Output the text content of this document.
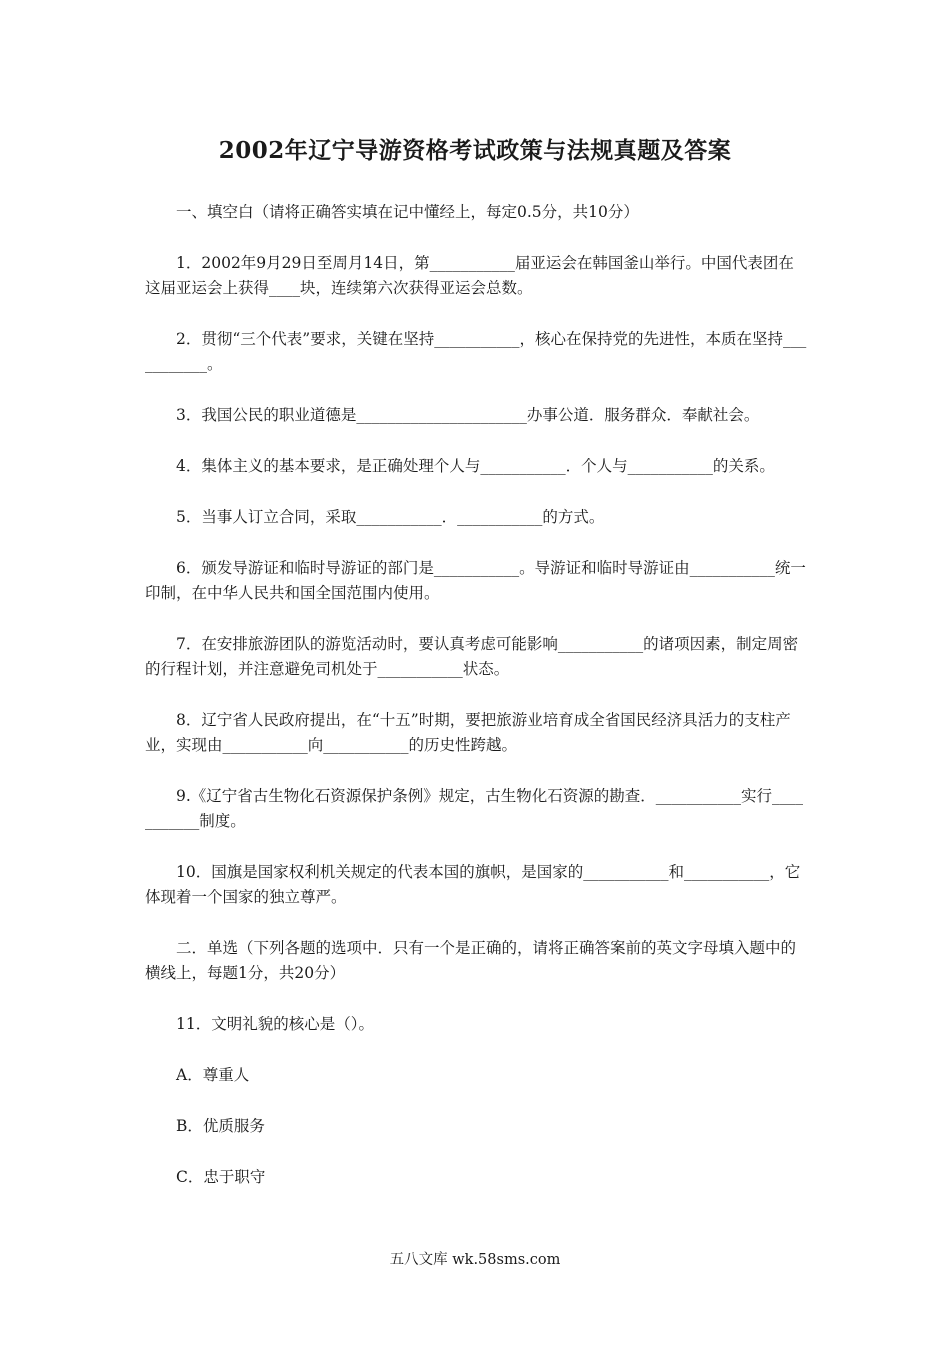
2002年辽宁导游资格考试政策与法规真题及答案

一、填空白（请将正确答实填在记中懂经上，每定0.5分，共10分）

1．2002年9月29日至周月14日，第___________届亚运会在韩国釜山举行。中国代表团在这届亚运会上获得____块，连续第六次获得亚运会总数。

2．贯彻“三个代表”要求，关键在坚持___________，核心在保持党的先进性，本质在坚持___________。

3．我国公民的职业道德是______________________办事公道．服务群众．奉献社会。

4．集体主义的基本要求，是正确处理个人与___________．个人与___________的关系。

5．当事人订立合同，采取___________．___________的方式。

6．颁发导游证和临时导游证的部门是___________。导游证和临时导游证由___________统一印制，在中华人民共和国全国范围内使用。

7．在安排旅游团队的游览活动时，要认真考虑可能影响___________的诸项因素，制定周密的行程计划，并注意避免司机处于___________状态。

8．辽宁省人民政府提出，在“十五”时期，要把旅游业培育成全省国民经济具活力的支柱产业，实现由___________向___________的历史性跨越。

9.《辽宁省古生物化石资源保护条例》规定，古生物化石资源的勘查．___________实行___________制度。

10．国旗是国家权利机关规定的代表本国的旗帜，是国家的___________和___________，它体现着一个国家的独立尊严。

二．单选（下列各题的选项中．只有一个是正确的，请将正确答案前的英文字母填入题中的横线上，每题1分，共20分）

11．文明礼貌的核心是（）。

A．尊重人

B．优质服务

C．忠于职守

五八文库 wk.58sms.com
